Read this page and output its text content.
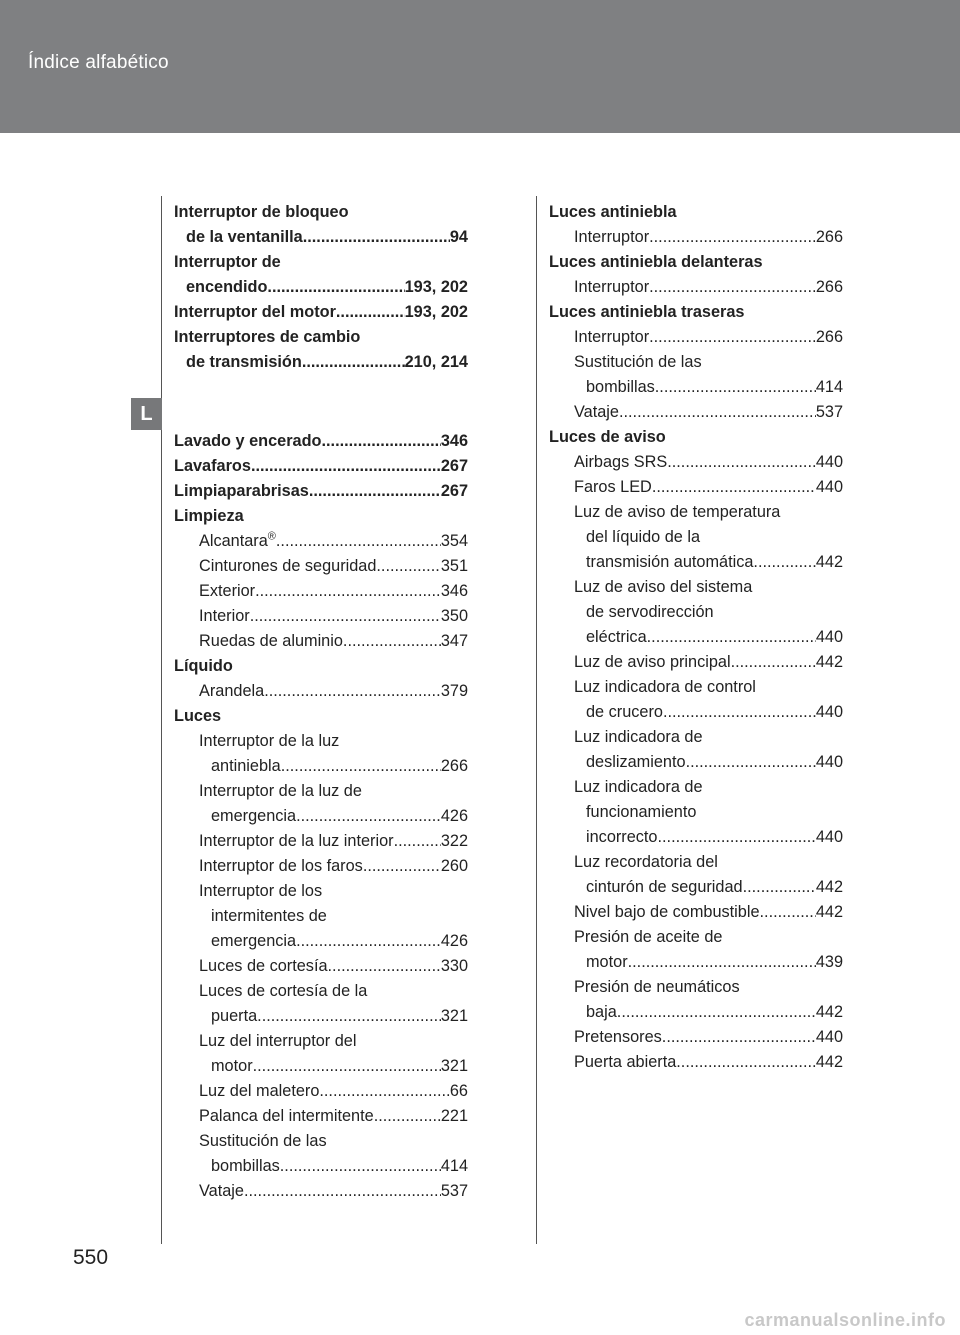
Índice alfabético
L
Interruptor de bloqueo
de la ventanilla .....	94
Interruptor de
encendido .....	193, 202
Interruptor del motor .....	193, 202
Interruptores de cambio
de transmisión .....	210, 214
Lavado y encerado .....	346
Lavafaros .....	267
Limpiaparabrisas .....	267
Limpieza
Alcantara® .....	354
Cinturones de seguridad .....	351
Exterior .....	346
Interior .....	350
Ruedas de aluminio .....	347
Líquido
Arandela .....	379
Luces
Interruptor de la luz
antiniebla .....	266
Interruptor de la luz de
emergencia .....	426
Interruptor de la luz interior .....	322
Interruptor de los faros .....	260
Interruptor de los
intermitentes de
emergencia .....	426
Luces de cortesía .....	330
Luces de cortesía de la
puerta .....	321
Luz del interruptor del
motor .....	321
Luz del maletero .....	66
Palanca del intermitente .....	221
Sustitución de las
bombillas .....	414
Vataje .....	537
Luces antiniebla
Interruptor .....	266
Luces antiniebla delanteras
Interruptor .....	266
Luces antiniebla traseras
Interruptor .....	266
Sustitución de las
bombillas .....	414
Vataje .....	537
Luces de aviso
Airbags SRS .....	440
Faros LED .....	440
Luz de aviso de temperatura
del líquido de la
transmisión automática .....	442
Luz de aviso del sistema
de servodirección
eléctrica .....	440
Luz de aviso principal .....	442
Luz indicadora de control
de crucero .....	440
Luz indicadora de
deslizamiento .....	440
Luz indicadora de
funcionamiento
incorrecto .....	440
Luz recordatoria del
cinturón de seguridad .....	442
Nivel bajo de combustible .....	442
Presión de aceite de
motor .....	439
Presión de neumáticos
baja .....	442
Pretensores .....	440
Puerta abierta .....	442
550
carmanualsonline.info
